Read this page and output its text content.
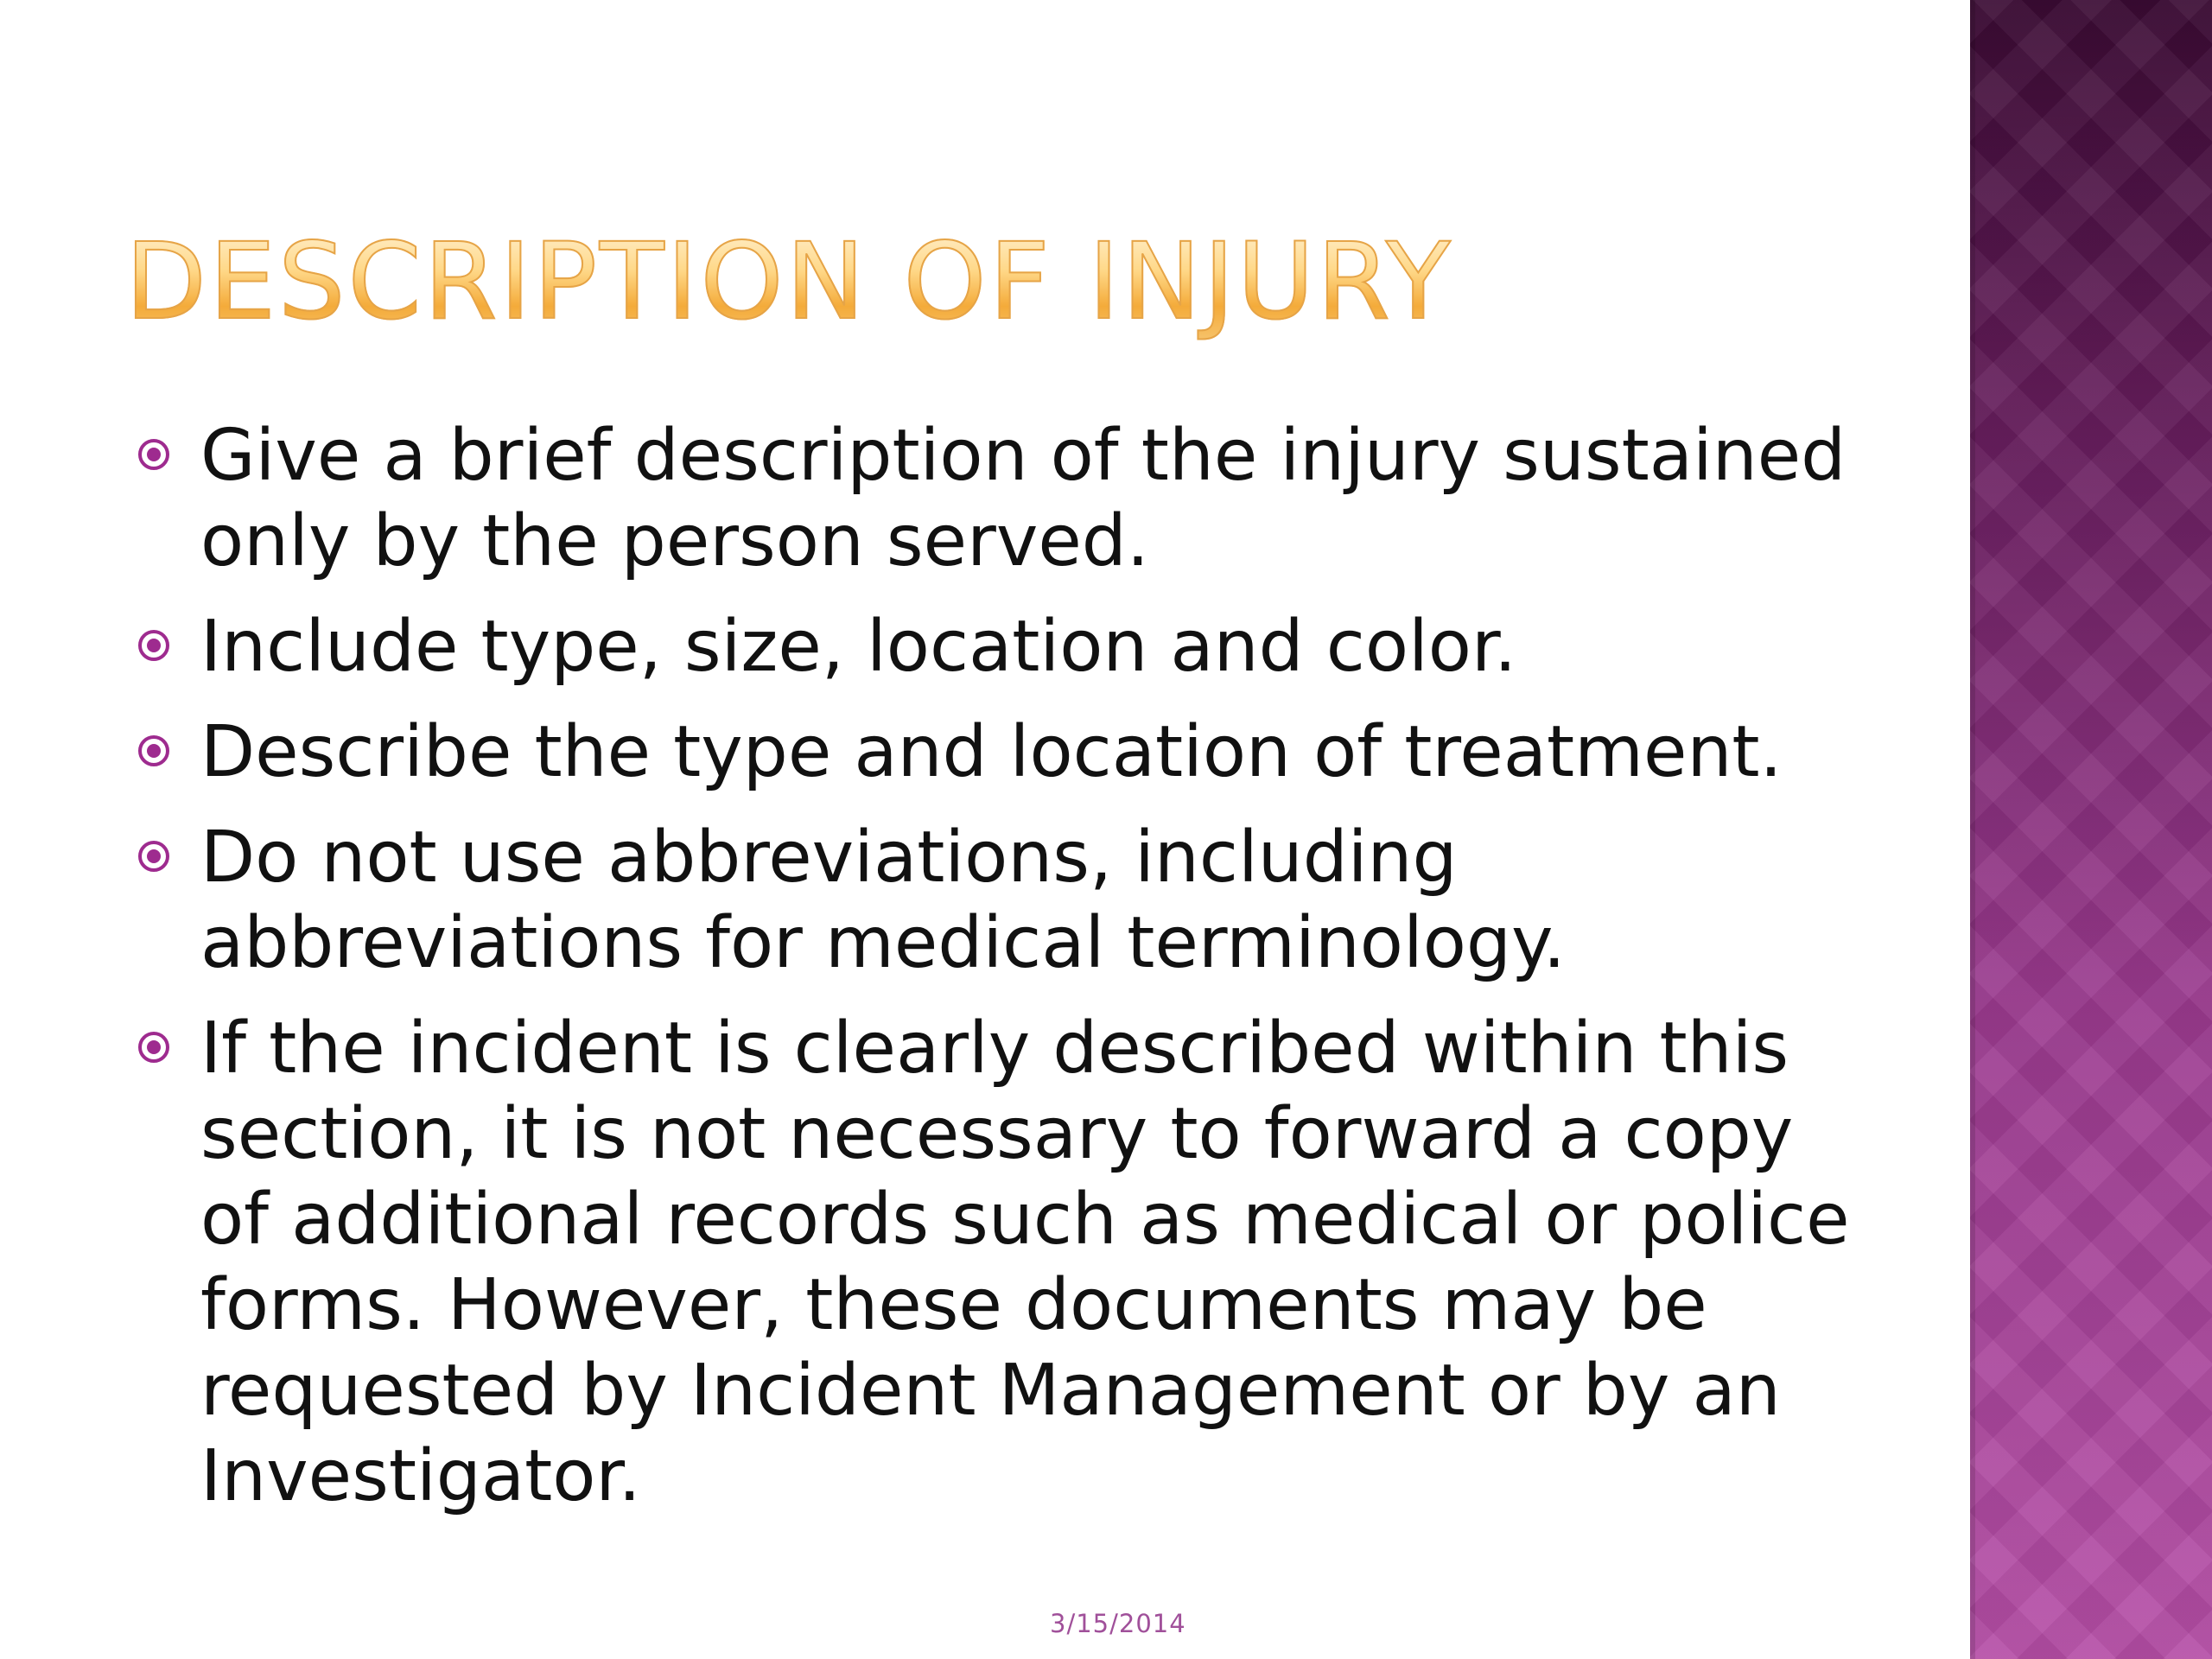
DESCRIPTION OF INJURY
Give a brief description of the injury sustained only by the person served.
Include type, size, location and color.
Describe the type and location of treatment.
Do not use abbreviations, including abbreviations for medical terminology.
If the incident is clearly described within this section, it is not necessary to forward a copy of additional records such as medical or police forms. However, these documents may be requested by Incident Management or by an Investigator.
3/15/2014
